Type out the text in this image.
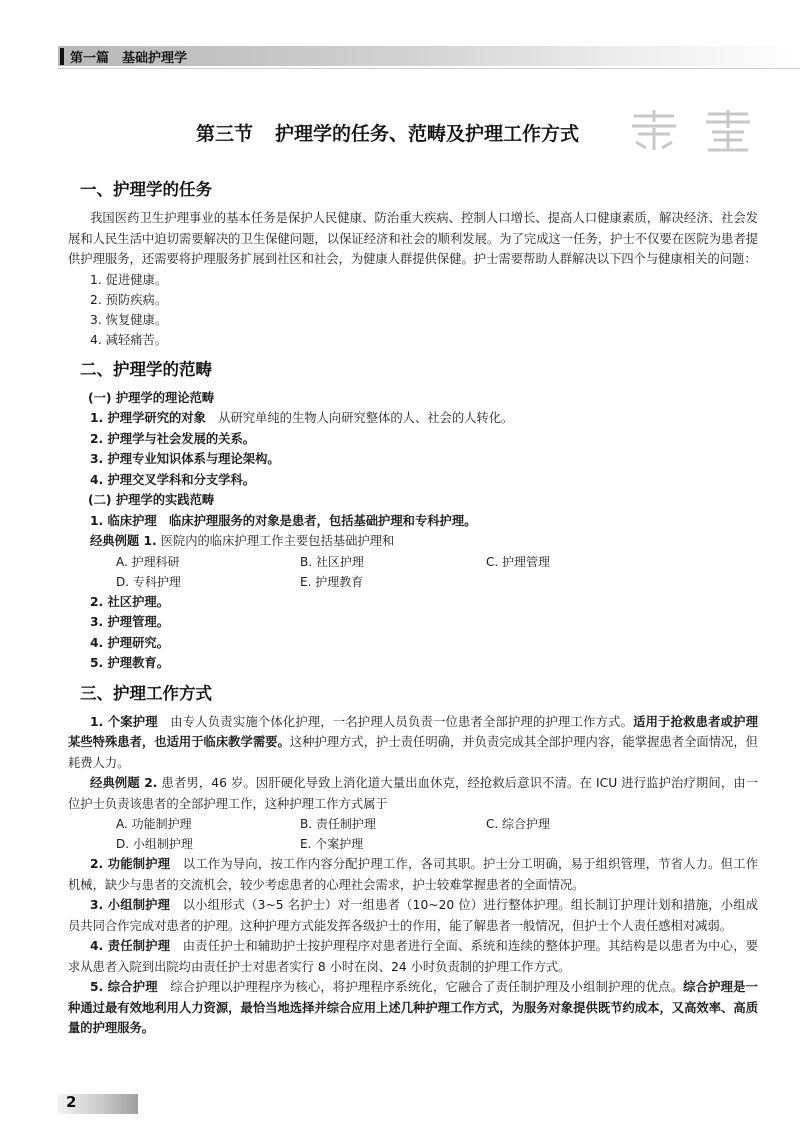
第一篇　基础护理学
第三节 护理学的任务、范畴及护理工作方式
一、护理学的任务

我国医药卫生护理事业的基本任务是保护人民健康、防治重大疾病、控制人口增长、提高人口健康素质，解决经济、社会发展和人民生活中迫切需要解决的卫生保健问题，以保证经济和社会的顺利发展。为了完成这一任务，护士不仅要在医院为患者提供护理服务，还需要将护理服务扩展到社区和社会，为健康人群提供保健。护士需要帮助人群解决以下四个与健康相关的问题：

1. 促进健康。
2. 预防疾病。
3. 恢复健康。
4. 减轻痛苦。
二、护理学的范畴
(一) 护理学的理论范畴
1. 护理学研究的对象　从研究单纯的生物人向研究整体的人、社会的人转化。
2. 护理学与社会发展的关系。
3. 护理专业知识体系与理论架构。
4. 护理交叉学科和分支学科。
(二) 护理学的实践范畴
1. 临床护理　临床护理服务的对象是患者，包括基础护理和专科护理。
经典例题 1. 医院内的临床护理工作主要包括基础护理和
A. 护理科研	B. 社区护理	C. 护理管理
D. 专科护理	E. 护理教育
2. 社区护理。
3. 护理管理。
4. 护理研究。
5. 护理教育。
三、护理工作方式

1. 个案护理　由专人负责实施个体化护理，一名护理人员负责一位患者全部护理的护理工作方式。适用于抢救患者或护理某些特殊患者，也适用于临床教学需要。这种护理方式，护士责任明确，并负责完成其全部护理内容，能掌握患者全面情况，但耗费人力。

经典例题 2. 患者男，46 岁。因肝硬化导致上消化道大量出血休克，经抢救后意识不清。在 ICU 进行监护治疗期间，由一位护士负责该患者的全部护理工作，这种护理工作方式属于

A. 功能制护理	B. 责任制护理	C. 综合护理
D. 小组制护理	E. 个案护理

2. 功能制护理　以工作为导向，按工作内容分配护理工作，各司其职。护士分工明确，易于组织管理，节省人力。但工作机械，缺少与患者的交流机会，较少考虑患者的心理社会需求，护士较难掌握患者的全面情况。

3. 小组制护理　以小组形式（3~5 名护士）对一组患者（10~20 位）进行整体护理。组长制订护理计划和措施，小组成员共同合作完成对患者的护理。这种护理方式能发挥各级护士的作用，能了解患者一般情况，但护士个人责任感相对减弱。

4. 责任制护理　由责任护士和辅助护士按护理程序对患者进行全面、系统和连续的整体护理。其结构是以患者为中心，要求从患者入院到出院均由责任护士对患者实行 8 小时在岗、24 小时负责制的护理工作方式。

5. 综合护理　综合护理以护理程序为核心，将护理程序系统化，它融合了责任制护理及小组制护理的优点。综合护理是一种通过最有效地利用人力资源，最恰当地选择并综合应用上述几种护理工作方式，为服务对象提供既节约成本，又高效率、高质量的护理服务。

2
